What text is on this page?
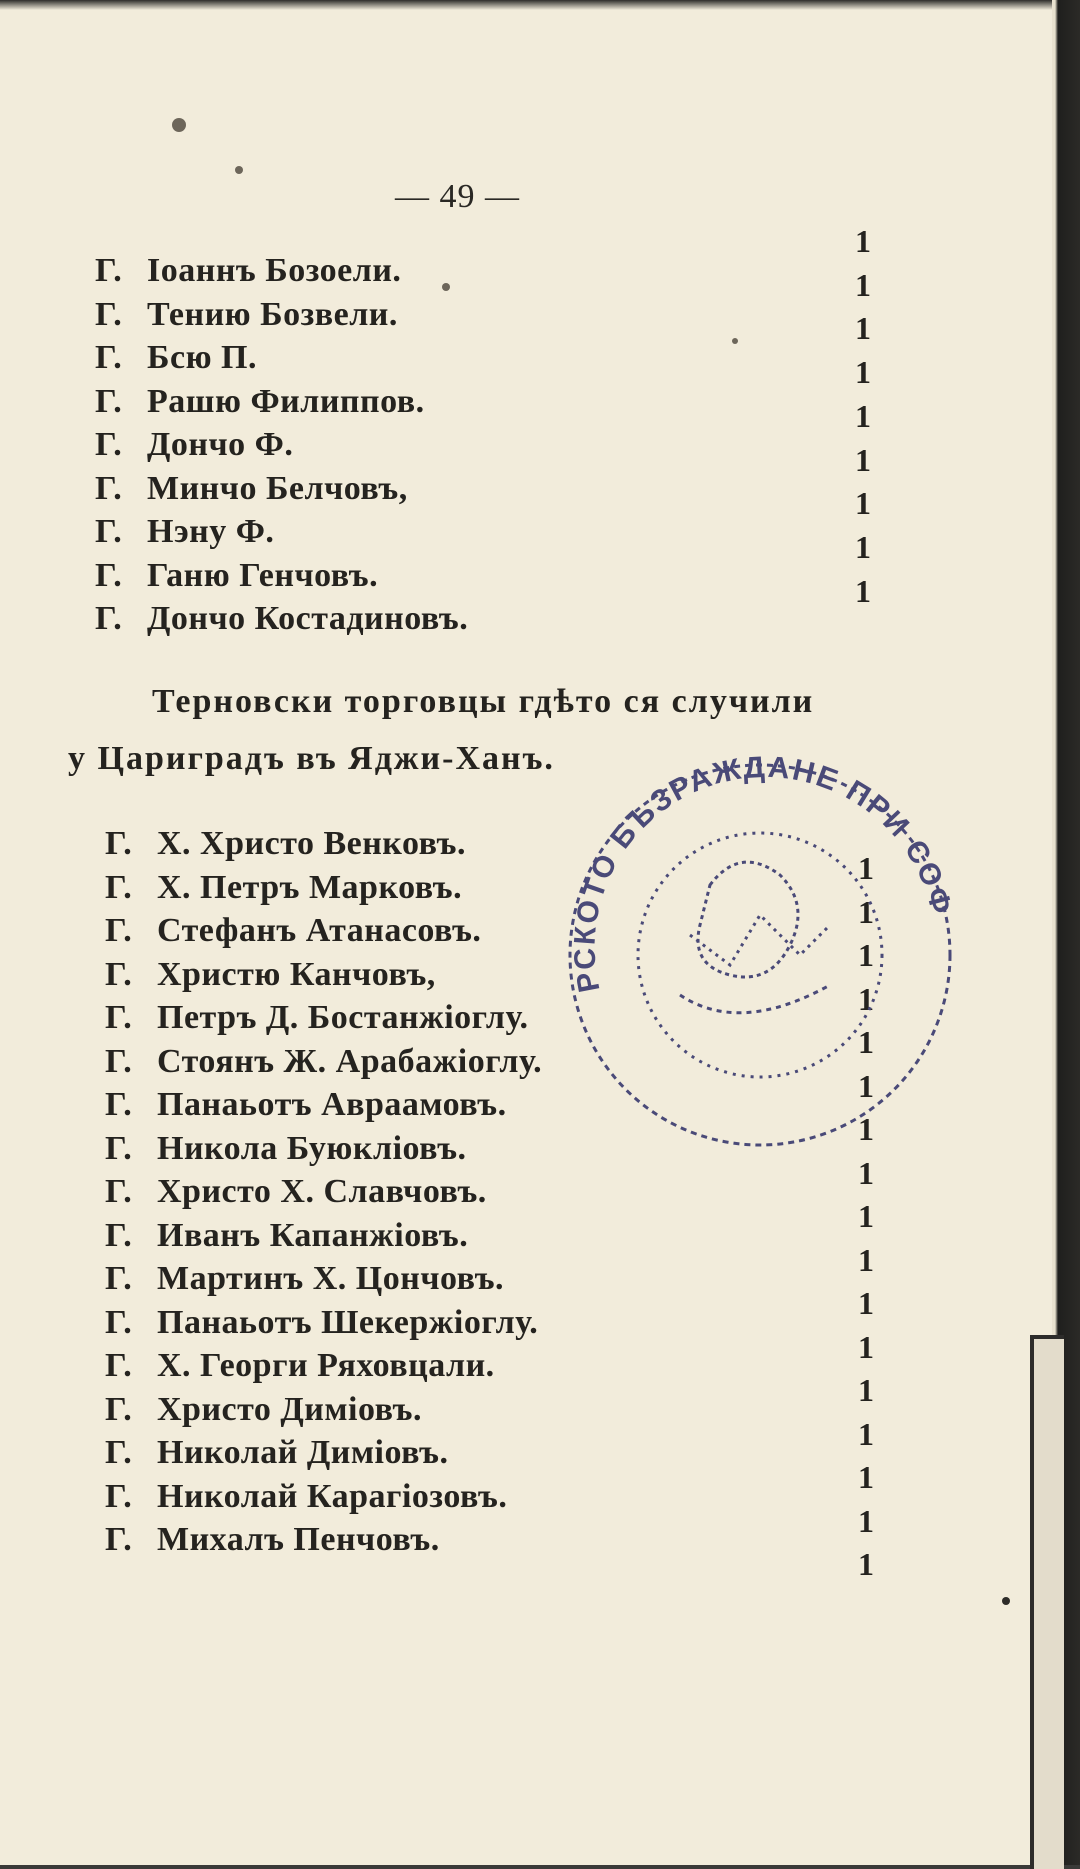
— 49 —
Г. Іоаннъ Бозоели.
1
Г. Тению Бозвели.
1
Г. Бсю П.
1
Г. Рашю Филиппов.
1
Г. Дончо Ф.
1
Г. Минчо Белчовъ,
1
Г. Нэну Ф.
1
Г. Ганю Генчовъ.
1
Г. Дончо Костадиновъ.
1
Терновски торговцы гдѣто ся случили
у Цариградъ въ Яджи-Ханъ.
Г. Х. Христо Венковъ.
1
Г. Х. Петръ Марковъ.
1
Г. Стефанъ Атанасовъ.
1
Г. Христю Канчовъ,
1
Г. Петръ Д. Бостанжіоглу.
1
Г. Стоянъ Ж. Арабажіоглу.
1
Г. Панаьотъ Авраамовъ.
1
Г. Никола Буюкліовъ.
1
Г. Христо Х. Славчовъ.
1
Г. Иванъ Капанжіовъ.
1
Г. Мартинъ Х. Цончовъ.
1
Г. Панаьотъ Шекержіоглу.
1
Г. Х. Георги Ряховцали.
1
Г. Христо Диміовъ.
1
Г. Николай Диміовъ.
1
Г. Николай Карагіозовъ.
1
Г. Михалъ Пенчовъ.
1
РСКОТО БЪЗРАЖДАНЕ ПРИ СОФ
